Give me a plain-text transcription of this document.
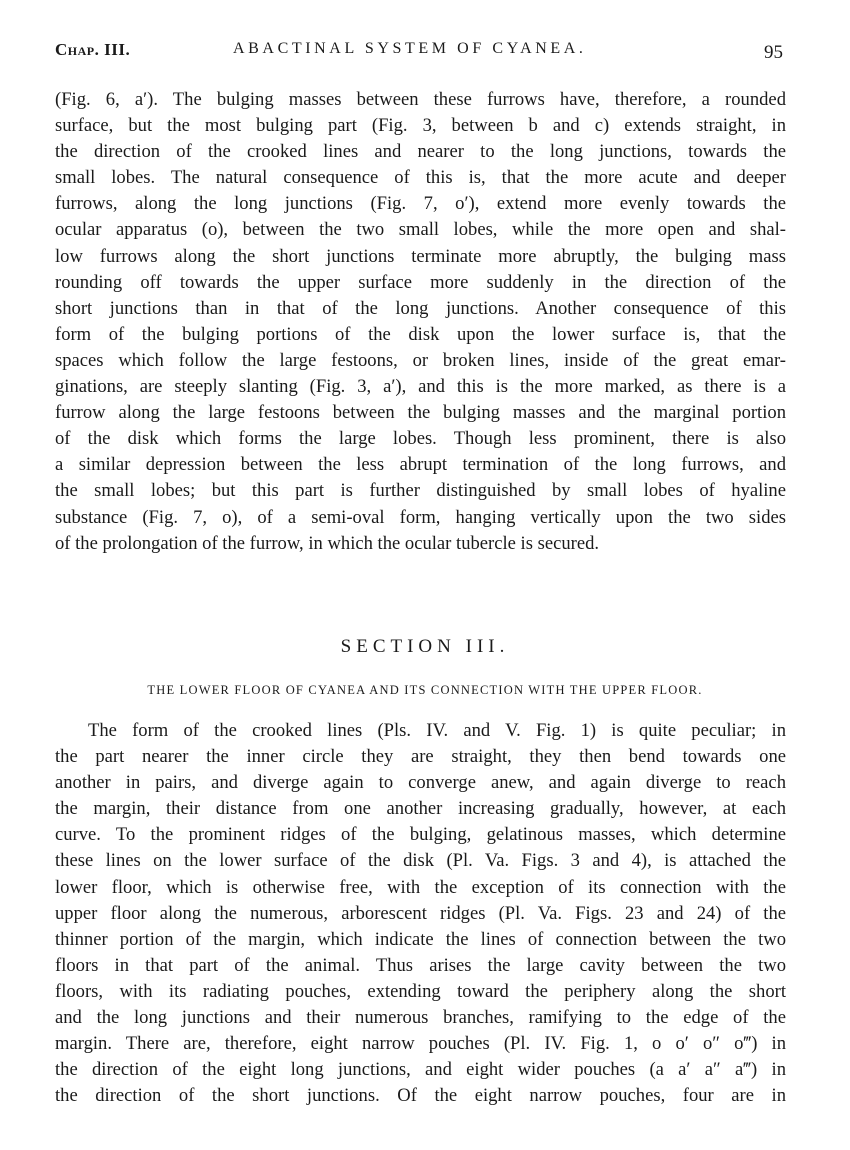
Chap. III.	ABACTINAL SYSTEM OF CYANEA.	95
(Fig. 6, a′). The bulging masses between these furrows have, therefore, a rounded
surface, but the most bulging part (Fig. 3, between b and c) extends straight, in
the direction of the crooked lines and nearer to the long junctions, towards the
small lobes. The natural consequence of this is, that the more acute and deeper
furrows, along the long junctions (Fig. 7, o′), extend more evenly towards the
ocular apparatus (o), between the two small lobes, while the more open and shal-
low furrows along the short junctions terminate more abruptly, the bulging mass
rounding off towards the upper surface more suddenly in the direction of the
short junctions than in that of the long junctions. Another consequence of this
form of the bulging portions of the disk upon the lower surface is, that the
spaces which follow the large festoons, or broken lines, inside of the great emar-
ginations, are steeply slanting (Fig. 3, a′), and this is the more marked, as there is a
furrow along the large festoons between the bulging masses and the marginal portion
of the disk which forms the large lobes. Though less prominent, there is also
a similar depression between the less abrupt termination of the long furrows, and
the small lobes; but this part is further distinguished by small lobes of hyaline
substance (Fig. 7, o), of a semi-oval form, hanging vertically upon the two sides
of the prolongation of the furrow, in which the ocular tubercle is secured.
SECTION III.
THE LOWER FLOOR OF CYANEA AND ITS CONNECTION WITH THE UPPER FLOOR.
The form of the crooked lines (Pls. IV. and V. Fig. 1) is quite peculiar; in
the part nearer the inner circle they are straight, they then bend towards one
another in pairs, and diverge again to converge anew, and again diverge to reach
the margin, their distance from one another increasing gradually, however, at each
curve. To the prominent ridges of the bulging, gelatinous masses, which determine
these lines on the lower surface of the disk (Pl. Va. Figs. 3 and 4), is attached the
lower floor, which is otherwise free, with the exception of its connection with the
upper floor along the numerous, arborescent ridges (Pl. Va. Figs. 23 and 24) of the
thinner portion of the margin, which indicate the lines of connection between the two
floors in that part of the animal. Thus arises the large cavity between the two
floors, with its radiating pouches, extending toward the periphery along the short
and the long junctions and their numerous branches, ramifying to the edge of the
margin. There are, therefore, eight narrow pouches (Pl. IV. Fig. 1, o o′ o″ o‴) in
the direction of the eight long junctions, and eight wider pouches (a a′ a″ a‴) in
the direction of the short junctions. Of the eight narrow pouches, four are in
